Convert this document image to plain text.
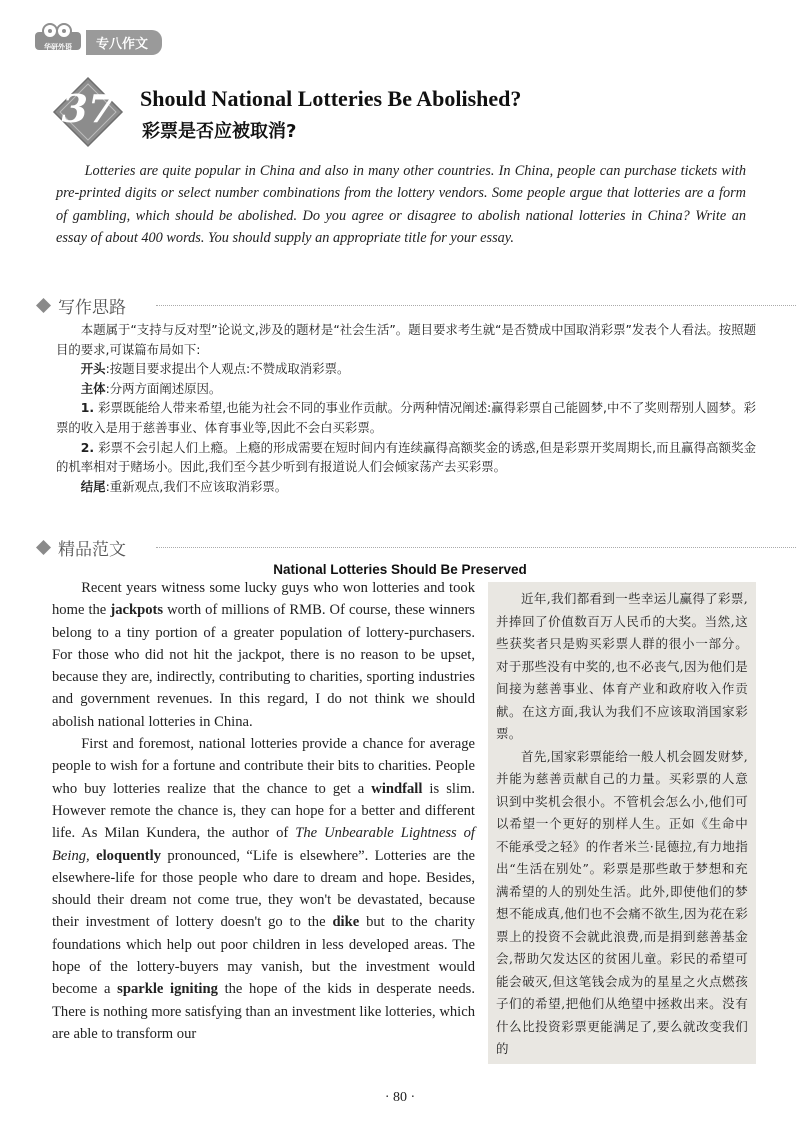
华研外语	专八作文
37	Should National Lotteries Be Abolished?
彩票是否应被取消?
Lotteries are quite popular in China and also in many other countries. In China, people can purchase tickets with pre-printed digits or select number combinations from the lottery vendors. Some people argue that lotteries are a form of gambling, which should be abolished. Do you agree or disagree to abolish national lotteries in China? Write an essay of about 400 words. You should supply an appropriate title for your essay.
写作思路

本题属于“支持与反对型”论说文,涉及的题材是“社会生活”。题目要求考生就“是否赞成中国取消彩票”发表个人看法。按照题目的要求,可谋篇布局如下:

开头:按题目要求提出个人观点:不赞成取消彩票。

主体:分两方面阐述原因。

1. 彩票既能给人带来希望,也能为社会不同的事业作贡献。分两种情况阐述:赢得彩票自己能圆梦,中不了奖则帮别人圆梦。彩票的收入是用于慈善事业、体育事业等,因此不会白买彩票。

2. 彩票不会引起人们上瘾。上瘾的形成需要在短时间内有连续赢得高额奖金的诱惑,但是彩票开奖周期长,而且赢得高额奖金的机率相对于赌场小。因此,我们至今甚少听到有报道说人们会倾家荡产去买彩票。

结尾:重新观点,我们不应该取消彩票。

精品范文
National Lotteries Should Be Preserved

Recent years witness some lucky guys who won lotteries and took home the jackpots worth of millions of RMB. Of course, these winners belong to a tiny portion of a greater population of lottery-purchasers. For those who did not hit the jackpot, there is no reason to be upset, because they are, indirectly, contributing to charities, sporting industries and government revenues. In this regard, I do not think we should abolish national lotteries in China.

First and foremost, national lotteries provide a chance for average people to wish for a fortune and contribute their bits to charities. People who buy lotteries realize that the chance to get a windfall is slim. However remote the chance is, they can hope for a better and different life. As Milan Kundera, the author of The Unbearable Lightness of Being, eloquently pronounced, “Life is elsewhere”. Lotteries are the elsewhere-life for those people who dare to dream and hope. Besides, should their dream not come true, they won't be devastated, because their investment of lottery doesn't go to the dike but to the charity foundations which help out poor children in less developed areas. The hope of the lottery-buyers may vanish, but the investment would become a sparkle igniting the hope of the kids in desperate needs. There is nothing more satisfying than an investment like lotteries, which are able to transform our

近年,我们都看到一些幸运儿赢得了彩票,并捧回了价值数百万人民币的大奖。当然,这些获奖者只是购买彩票人群的很小一部分。对于那些没有中奖的,也不必丧气,因为他们是间接为慈善事业、体育产业和政府收入作贡献。在这方面,我认为我们不应该取消国家彩票。

首先,国家彩票能给一般人机会圆发财梦,并能为慈善贡献自己的力量。买彩票的人意识到中奖机会很小。不管机会怎么小,他们可以希望一个更好的别样人生。正如《生命中不能承受之轻》的作者米兰·昆德拉,有力地指出“生活在别处”。彩票是那些敢于梦想和充满希望的人的别处生活。此外,即使他们的梦想不能成真,他们也不会痛不欲生,因为花在彩票上的投资不会就此浪费,而是捐到慈善基金会,帮助欠发达区的贫困儿童。彩民的希望可能会破灭,但这笔钱会成为的星星之火点燃孩子们的希望,把他们从绝望中拯救出来。没有什么比投资彩票更能满足了,要么就改变我们的

· 80 ·
